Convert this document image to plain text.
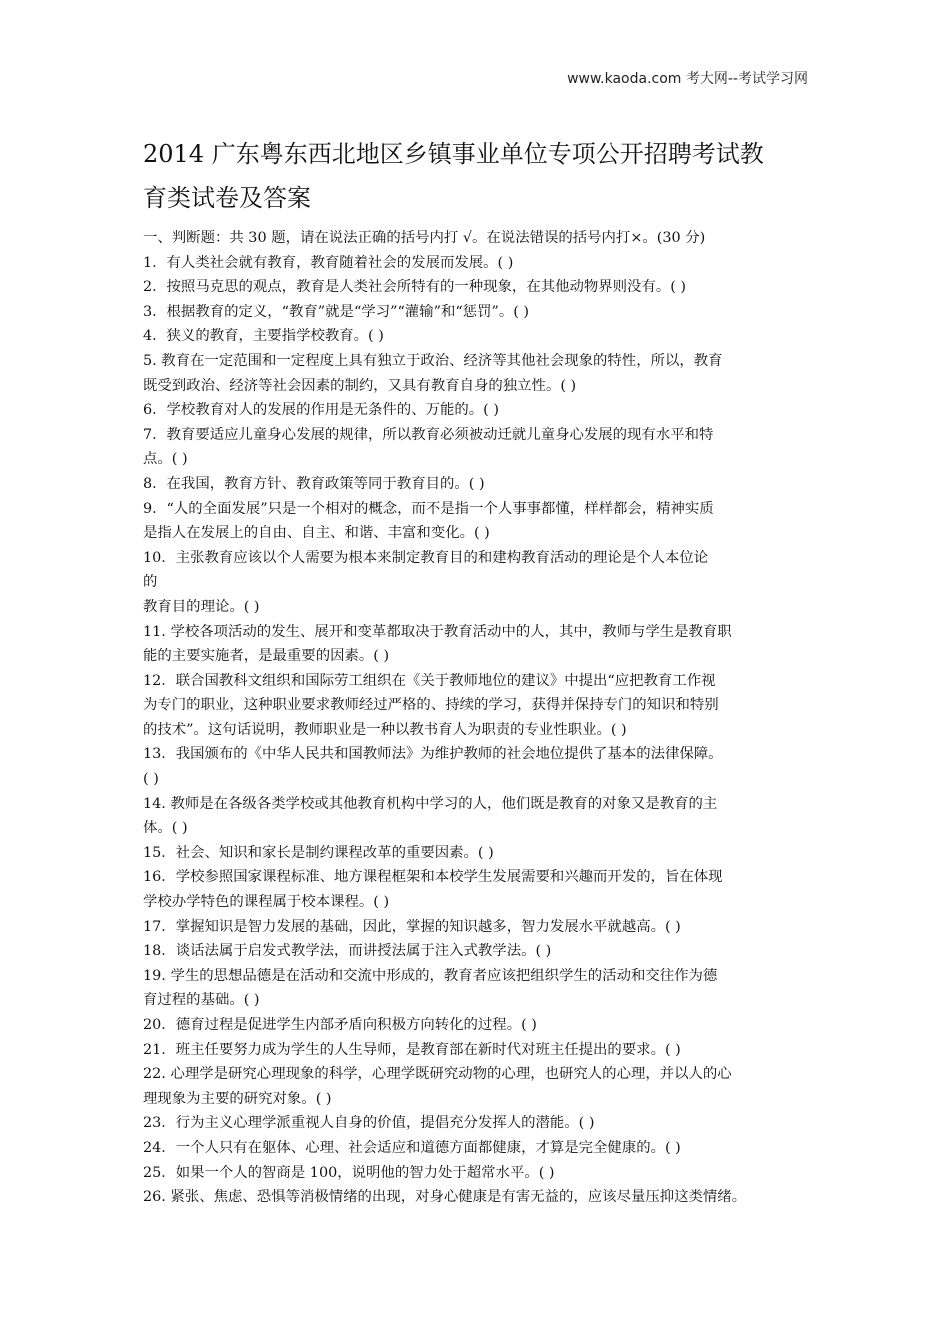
www.kaoda.com 考大网--考试学习网
2014 广东粤东西北地区乡镇事业单位专项公开招聘考试教
育类试卷及答案
一、判断题：共 30 题，请在说法正确的括号内打 √。在说法错误的括号内打×。(30 分)
1．有人类社会就有教育，教育随着社会的发展而发展。( )
2．按照马克思的观点，教育是人类社会所特有的一种现象，在其他动物界则没有。( )
3．根据教育的定义，“教育”就是“学习”“灌输”和“惩罚”。( )
4．狭义的教育，主要指学校教育。( )
5. 教育在一定范围和一定程度上具有独立于政治、经济等其他社会现象的特性，所以，教育
既受到政治、经济等社会因素的制约，又具有教育自身的独立性。( )
6．学校教育对人的发展的作用是无条件的、万能的。( )
7．教育要适应儿童身心发展的规律，所以教育必须被动迁就儿童身心发展的现有水平和特
点。( )
8．在我国，教育方针、教育政策等同于教育目的。( )
9．“人的全面发展”只是一个相对的概念，而不是指一个人事事都懂，样样都会，精神实质
是指人在发展上的自由、自主、和谐、丰富和变化。( )
10．主张教育应该以个人需要为根本来制定教育目的和建构教育活动的理论是个人本位论
的
教育目的理论。( )
11. 学校各项活动的发生、展开和变革都取决于教育活动中的人，其中，教师与学生是教育职
能的主要实施者，是最重要的因素。( )
12．联合国教科文组织和国际劳工组织在《关于教师地位的建议》中提出“应把教育工作视
为专门的职业，这种职业要求教师经过严格的、持续的学习，获得并保持专门的知识和特别
的技术”。这句话说明，教师职业是一种以教书育人为职责的专业性职业。( )
13．我国颁布的《中华人民共和国教师法》为维护教师的社会地位提供了基本的法律保障。
( )
14. 教师是在各级各类学校或其他教育机构中学习的人，他们既是教育的对象又是教育的主
体。( )
15．社会、知识和家长是制约课程改革的重要因素。( )
16．学校参照国家课程标准、地方课程框架和本校学生发展需要和兴趣而开发的，旨在体现
学校办学特色的课程属于校本课程。( )
17．掌握知识是智力发展的基础，因此，掌握的知识越多，智力发展水平就越高。( )
18．谈话法属于启发式教学法，而讲授法属于注入式教学法。( )
19. 学生的思想品德是在活动和交流中形成的，教育者应该把组织学生的活动和交往作为德
育过程的基础。( )
20．德育过程是促进学生内部矛盾向积极方向转化的过程。( )
21．班主任要努力成为学生的人生导师，是教育部在新时代对班主任提出的要求。( )
22. 心理学是研究心理现象的科学，心理学既研究动物的心理，也研究人的心理，并以人的心
理现象为主要的研究对象。( )
23．行为主义心理学派重视人自身的价值，提倡充分发挥人的潜能。( )
24．一个人只有在躯体、心理、社会适应和道德方面都健康，才算是完全健康的。( )
25．如果一个人的智商是 100，说明他的智力处于超常水平。( )
26. 紧张、焦虑、恐惧等消极情绪的出现，对身心健康是有害无益的，应该尽量压抑这类情绪。
